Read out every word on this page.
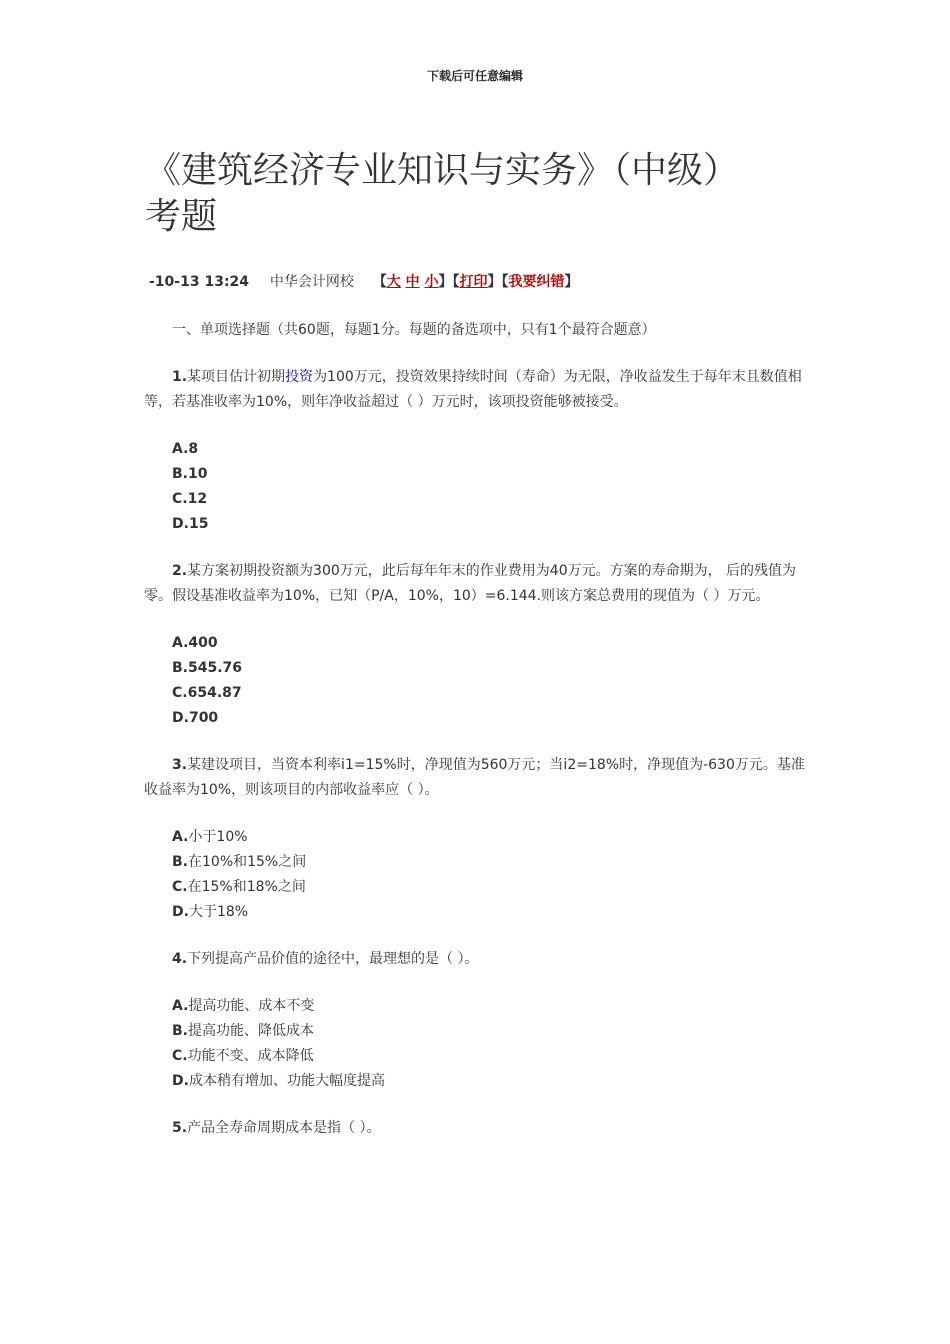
下载后可任意编辑
《建筑经济专业知识与实务》（中级）考题
-10-13 13:24 中华会计网校 【大 中 小】【打印】【我要纠错】

一、单项选择题（共60题，每题1分。每题的备选项中，只有1个最符合题意）

1.某项目估计初期投资为100万元，投资效果持续时间（寿命）为无限，净收益发生于每年末且数值相等，若基准收率为10%，则年净收益超过（ ）万元时，该项投资能够被接受。

A.8
B.10
C.12
D.15

2.某方案初期投资额为300万元，此后每年年末的作业费用为40万元。方案的寿命期为， 后的残值为零。假设基准收益率为10%，已知（P/A，10%，10）=6.144.则该方案总费用的现值为（ ）万元。

A.400
B.545.76
C.654.87
D.700

3.某建设项目，当资本利率i1=15%时，净现值为560万元；当i2=18%时，净现值为-630万元。基准收益率为10%，则该项目的内部收益率应（ ）。

A.小于10%
B.在10%和15%之间
C.在15%和18%之间
D.大于18%

4.下列提高产品价值的途径中，最理想的是（ ）。

A.提高功能、成本不变
B.提高功能、降低成本
C.功能不变、成本降低
D.成本稍有增加、功能大幅度提高

5.产品全寿命周期成本是指（ ）。
